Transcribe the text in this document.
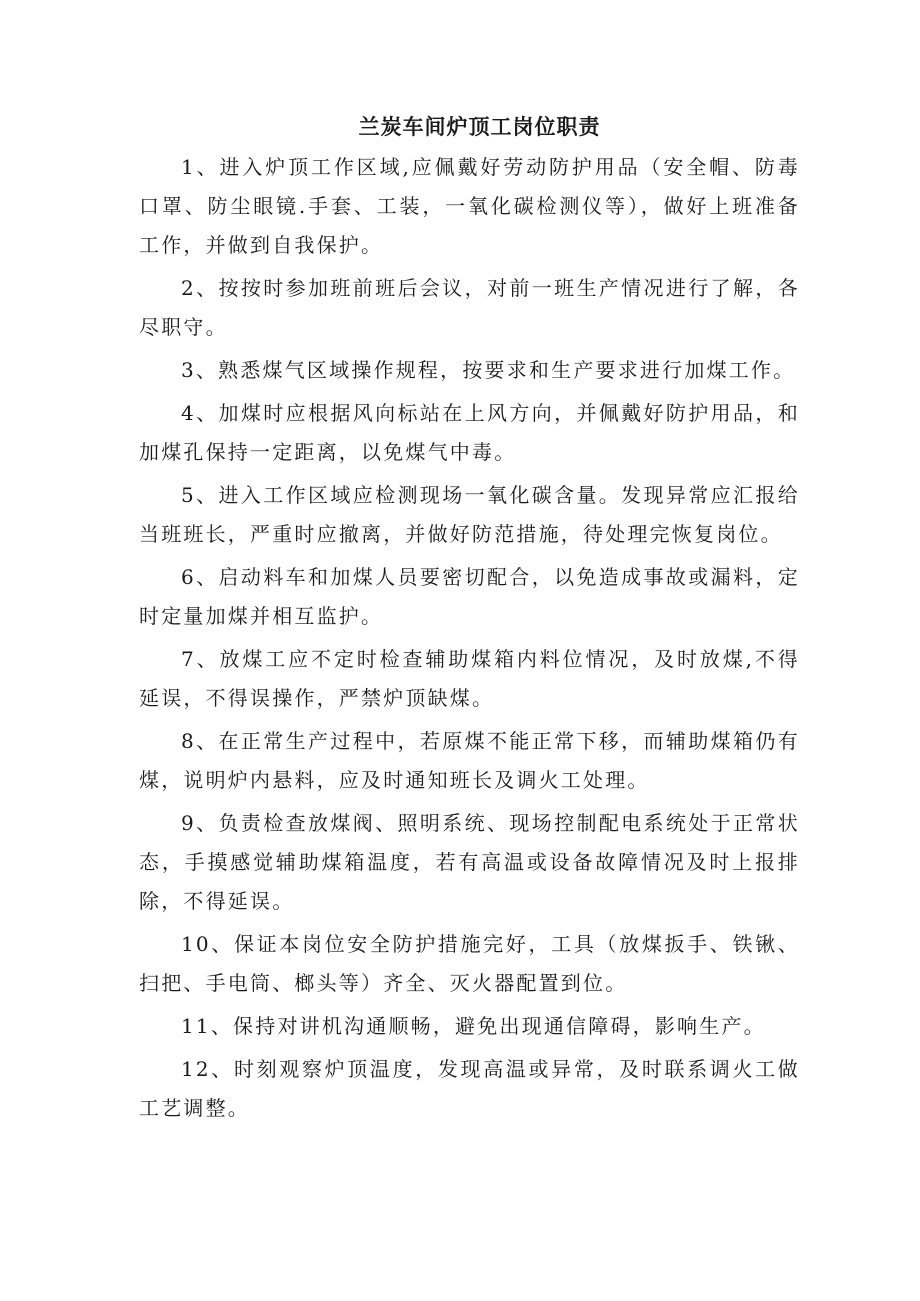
兰炭车间炉顶工岗位职责
1、进入炉顶工作区域,应佩戴好劳动防护用品（安全帽、防毒口罩、防尘眼镜.手套、工装，一氧化碳检测仪等），做好上班准备工作，并做到自我保护。
2、按按时参加班前班后会议，对前一班生产情况进行了解，各尽职守。
3、熟悉煤气区域操作规程，按要求和生产要求进行加煤工作。
4、加煤时应根据风向标站在上风方向，并佩戴好防护用品，和加煤孔保持一定距离，以免煤气中毒。
5、进入工作区域应检测现场一氧化碳含量。发现异常应汇报给当班班长，严重时应撤离，并做好防范措施，待处理完恢复岗位。
6、启动料车和加煤人员要密切配合，以免造成事故或漏料，定时定量加煤并相互监护。
7、放煤工应不定时检查辅助煤箱内料位情况，及时放煤,不得延误，不得误操作，严禁炉顶缺煤。
8、在正常生产过程中，若原煤不能正常下移，而辅助煤箱仍有煤，说明炉内悬料，应及时通知班长及调火工处理。
9、负责检查放煤阀、照明系统、现场控制配电系统处于正常状态，手摸感觉辅助煤箱温度，若有高温或设备故障情况及时上报排除，不得延误。
10、保证本岗位安全防护措施完好，工具（放煤扳手、铁锹、扫把、手电筒、榔头等）齐全、灭火器配置到位。
11、保持对讲机沟通顺畅，避免出现通信障碍，影响生产。
12、时刻观察炉顶温度，发现高温或异常，及时联系调火工做工艺调整。
